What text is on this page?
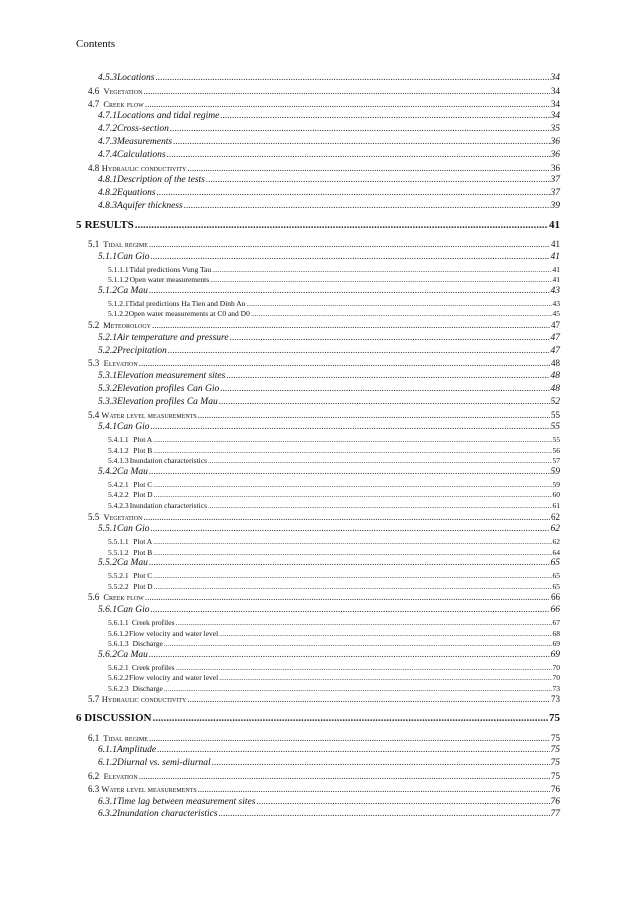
Contents
4.5.3 Locations .....	34
4.6 Vegetation .....	34
4.7 Creek flow .....	34
4.7.1 Locations and tidal regime .....	34
4.7.2 Cross-section .....	35
4.7.3 Measurements .....	36
4.7.4 Calculations .....	36
4.8 Hydraulic conductivity .....	36
4.8.1 Description of the tests .....	37
4.8.2 Equations .....	37
4.8.3 Aquifer thickness .....	39
5 RESULTS .....	41
5.1 Tidal regime .....	41
5.1.1 Can Gio .....	41
5.1.1.1 Tidal predictions Vung Tau .....	41
5.1.1.2 Open water measurements .....	41
5.1.2 Ca Mau .....	43
5.1.2.1 Tidal predictions Ha Tien and Dinh An .....	43
5.1.2.2 Open water measurements at C0 and D0 .....	45
5.2 Meteorology .....	47
5.2.1 Air temperature and pressure .....	47
5.2.2 Precipitation .....	47
5.3 Elevation .....	48
5.3.1 Elevation measurement sites .....	48
5.3.2 Elevation profiles Can Gio .....	48
5.3.3 Elevation profiles Ca Mau .....	52
5.4 Water level measurements .....	55
5.4.1 Can Gio .....	55
5.4.1.1 Plot A .....	55
5.4.1.2 Plot B .....	56
5.4.1.3 Inundation characteristics .....	57
5.4.2 Ca Mau .....	59
5.4.2.1 Plot C .....	59
5.4.2.2 Plot D .....	60
5.4.2.3 Inundation characteristics .....	61
5.5 Vegetation .....	62
5.5.1 Can Gio .....	62
5.5.1.1 Plot A .....	62
5.5.1.2 Plot B .....	64
5.5.2 Ca Mau .....	65
5.5.2.1 Plot C .....	65
5.5.2.2 Plot D .....	65
5.6 Creek flow .....	66
5.6.1 Can Gio .....	66
5.6.1.1 Creek profiles .....	67
5.6.1.2 Flow velocity and water level .....	68
5.6.1.3 Discharge .....	69
5.6.2 Ca Mau .....	69
5.6.2.1 Creek profiles .....	70
5.6.2.2 Flow velocity and water level .....	70
5.6.2.3 Discharge .....	73
5.7 Hydraulic conductivity .....	73
6 DISCUSSION .....	75
6.1 Tidal regime .....	75
6.1.1 Amplitude .....	75
6.1.2 Diurnal vs. semi-diurnal .....	75
6.2 Elevation .....	75
6.3 Water level measurements .....	76
6.3.1 Time lag between measurement sites .....	76
6.3.2 Inundation characteristics .....	77
